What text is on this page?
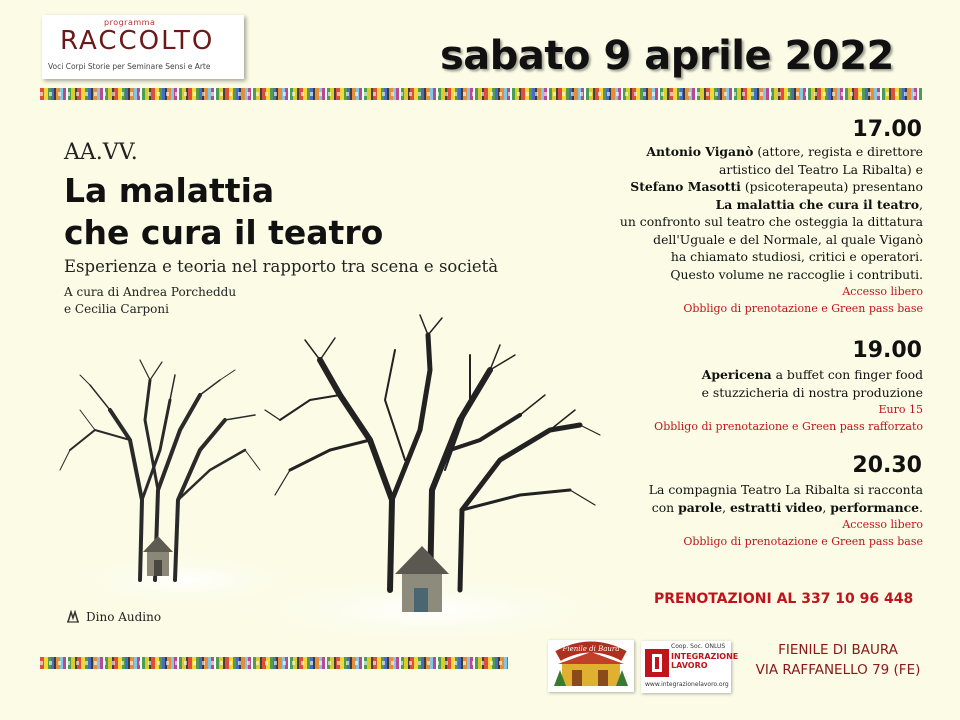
programma
RACCOLTO
Voci Corpi Storie per Seminare Sensi e Arte	sabato 9 aprile 2022
AA.VV.
La malattia
che cura il teatro
Esperienza e teoria nel rapporto tra scena e società
A cura di Andrea Porcheddu
e Cecilia Carponi
Dino Audino
17.00
Antonio Viganò (attore, regista e direttore
artistico del Teatro La Ribalta) e
Stefano Masotti (psicoterapeuta) presentano
La malattia che cura il teatro,
un confronto sul teatro che osteggia la dittatura
dell'Uguale e del Normale, al quale Viganò
ha chiamato studiosi, critici e operatori.
Questo volume ne raccoglie i contributi.
Accesso libero
Obbligo di prenotazione e Green pass base
19.00
Apericena a buffet con finger food
e stuzzicheria di nostra produzione
Euro 15
Obbligo di prenotazione e Green pass rafforzato
20.30
La compagnia Teatro La Ribalta si racconta
con parole, estratti video, performance.
Accesso libero
Obbligo di prenotazione e Green pass base
PRENOTAZIONI AL 337 10 96 448
Fienile di Baura	Coop. Soc. ONLUS
INTEGRAZIONE
LAVORO
www.integrazionelavoro.org
FIENILE DI BAURA
VIA RAFFANELLO 79 (FE)
